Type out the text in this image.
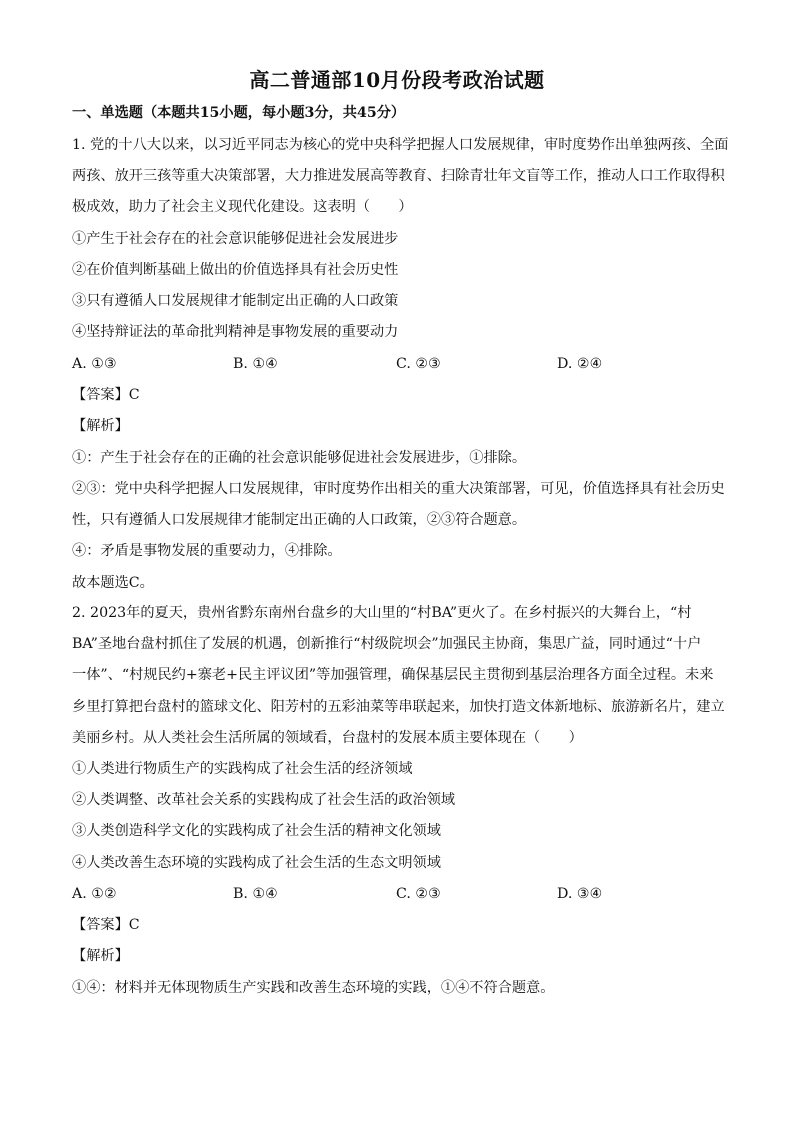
高二普通部10月份段考政治试题
一、单选题（本题共15小题，每小题3分，共45分）
1. 党的十八大以来，以习近平同志为核心的党中央科学把握人口发展规律，审时度势作出单独两孩、全面
两孩、放开三孩等重大决策部署，大力推进发展高等教育、扫除青壮年文盲等工作，推动人口工作取得积
极成效，助力了社会主义现代化建设。这表明（　　）
①产生于社会存在的社会意识能够促进社会发展进步
②在价值判断基础上做出的价值选择具有社会历史性
③只有遵循人口发展规律才能制定出正确的人口政策
④坚持辩证法的革命批判精神是事物发展的重要动力
A. ①③	B. ①④	C. ②③	D. ②④
【答案】C
【解析】
①：产生于社会存在的正确的社会意识能够促进社会发展进步，①排除。
②③：党中央科学把握人口发展规律，审时度势作出相关的重大决策部署，可见，价值选择具有社会历史
性，只有遵循人口发展规律才能制定出正确的人口政策，②③符合题意。
④：矛盾是事物发展的重要动力，④排除。
故本题选C。
2. 2023年的夏天，贵州省黔东南州台盘乡的大山里的“村BA”更火了。在乡村振兴的大舞台上，“村
BA”圣地台盘村抓住了发展的机遇，创新推行“村级院坝会”加强民主协商，集思广益，同时通过“十户
一体”、“村规民约+寨老+民主评议团”等加强管理，确保基层民主贯彻到基层治理各方面全过程。未来
乡里打算把台盘村的篮球文化、阳芳村的五彩油菜等串联起来，加快打造文体新地标、旅游新名片，建立
美丽乡村。从人类社会生活所属的领域看，台盘村的发展本质主要体现在（　　）
①人类进行物质生产的实践构成了社会生活的经济领域
②人类调整、改革社会关系的实践构成了社会生活的政治领域
③人类创造科学文化的实践构成了社会生活的精神文化领域
④人类改善生态环境的实践构成了社会生活的生态文明领域
A. ①②	B. ①④	C. ②③	D. ③④
【答案】C
【解析】
①④：材料并无体现物质生产实践和改善生态环境的实践，①④不符合题意。
